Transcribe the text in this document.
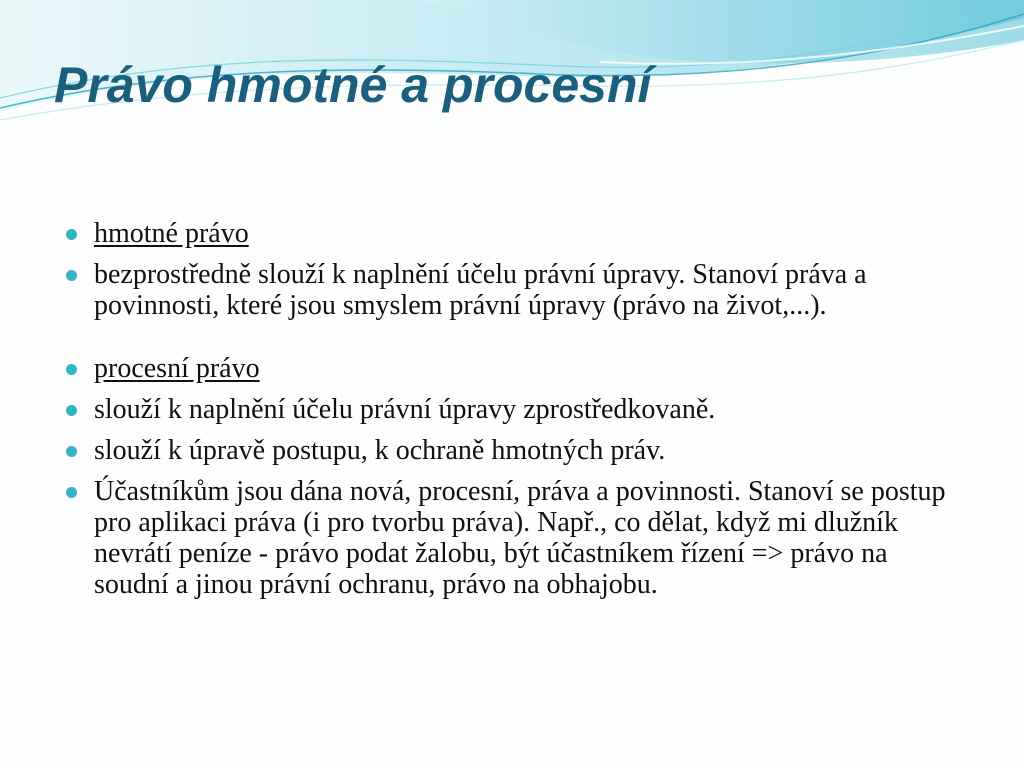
Právo hmotné a procesní
hmotné právo
bezprostředně slouží k naplnění účelu právní úpravy. Stanoví práva a povinnosti, které jsou smyslem právní úpravy (právo na život,...).
procesní právo
slouží k naplnění účelu právní úpravy zprostředkovaně.
slouží k úpravě postupu, k ochraně hmotných práv.
Účastníkům jsou dána nová, procesní, práva a povinnosti. Stanoví se postup pro aplikaci práva (i pro tvorbu práva). Např., co dělat, když mi dlužník nevrátí peníze - právo podat žalobu, být účastníkem řízení => právo na soudní a jinou právní ochranu, právo na obhajobu.
